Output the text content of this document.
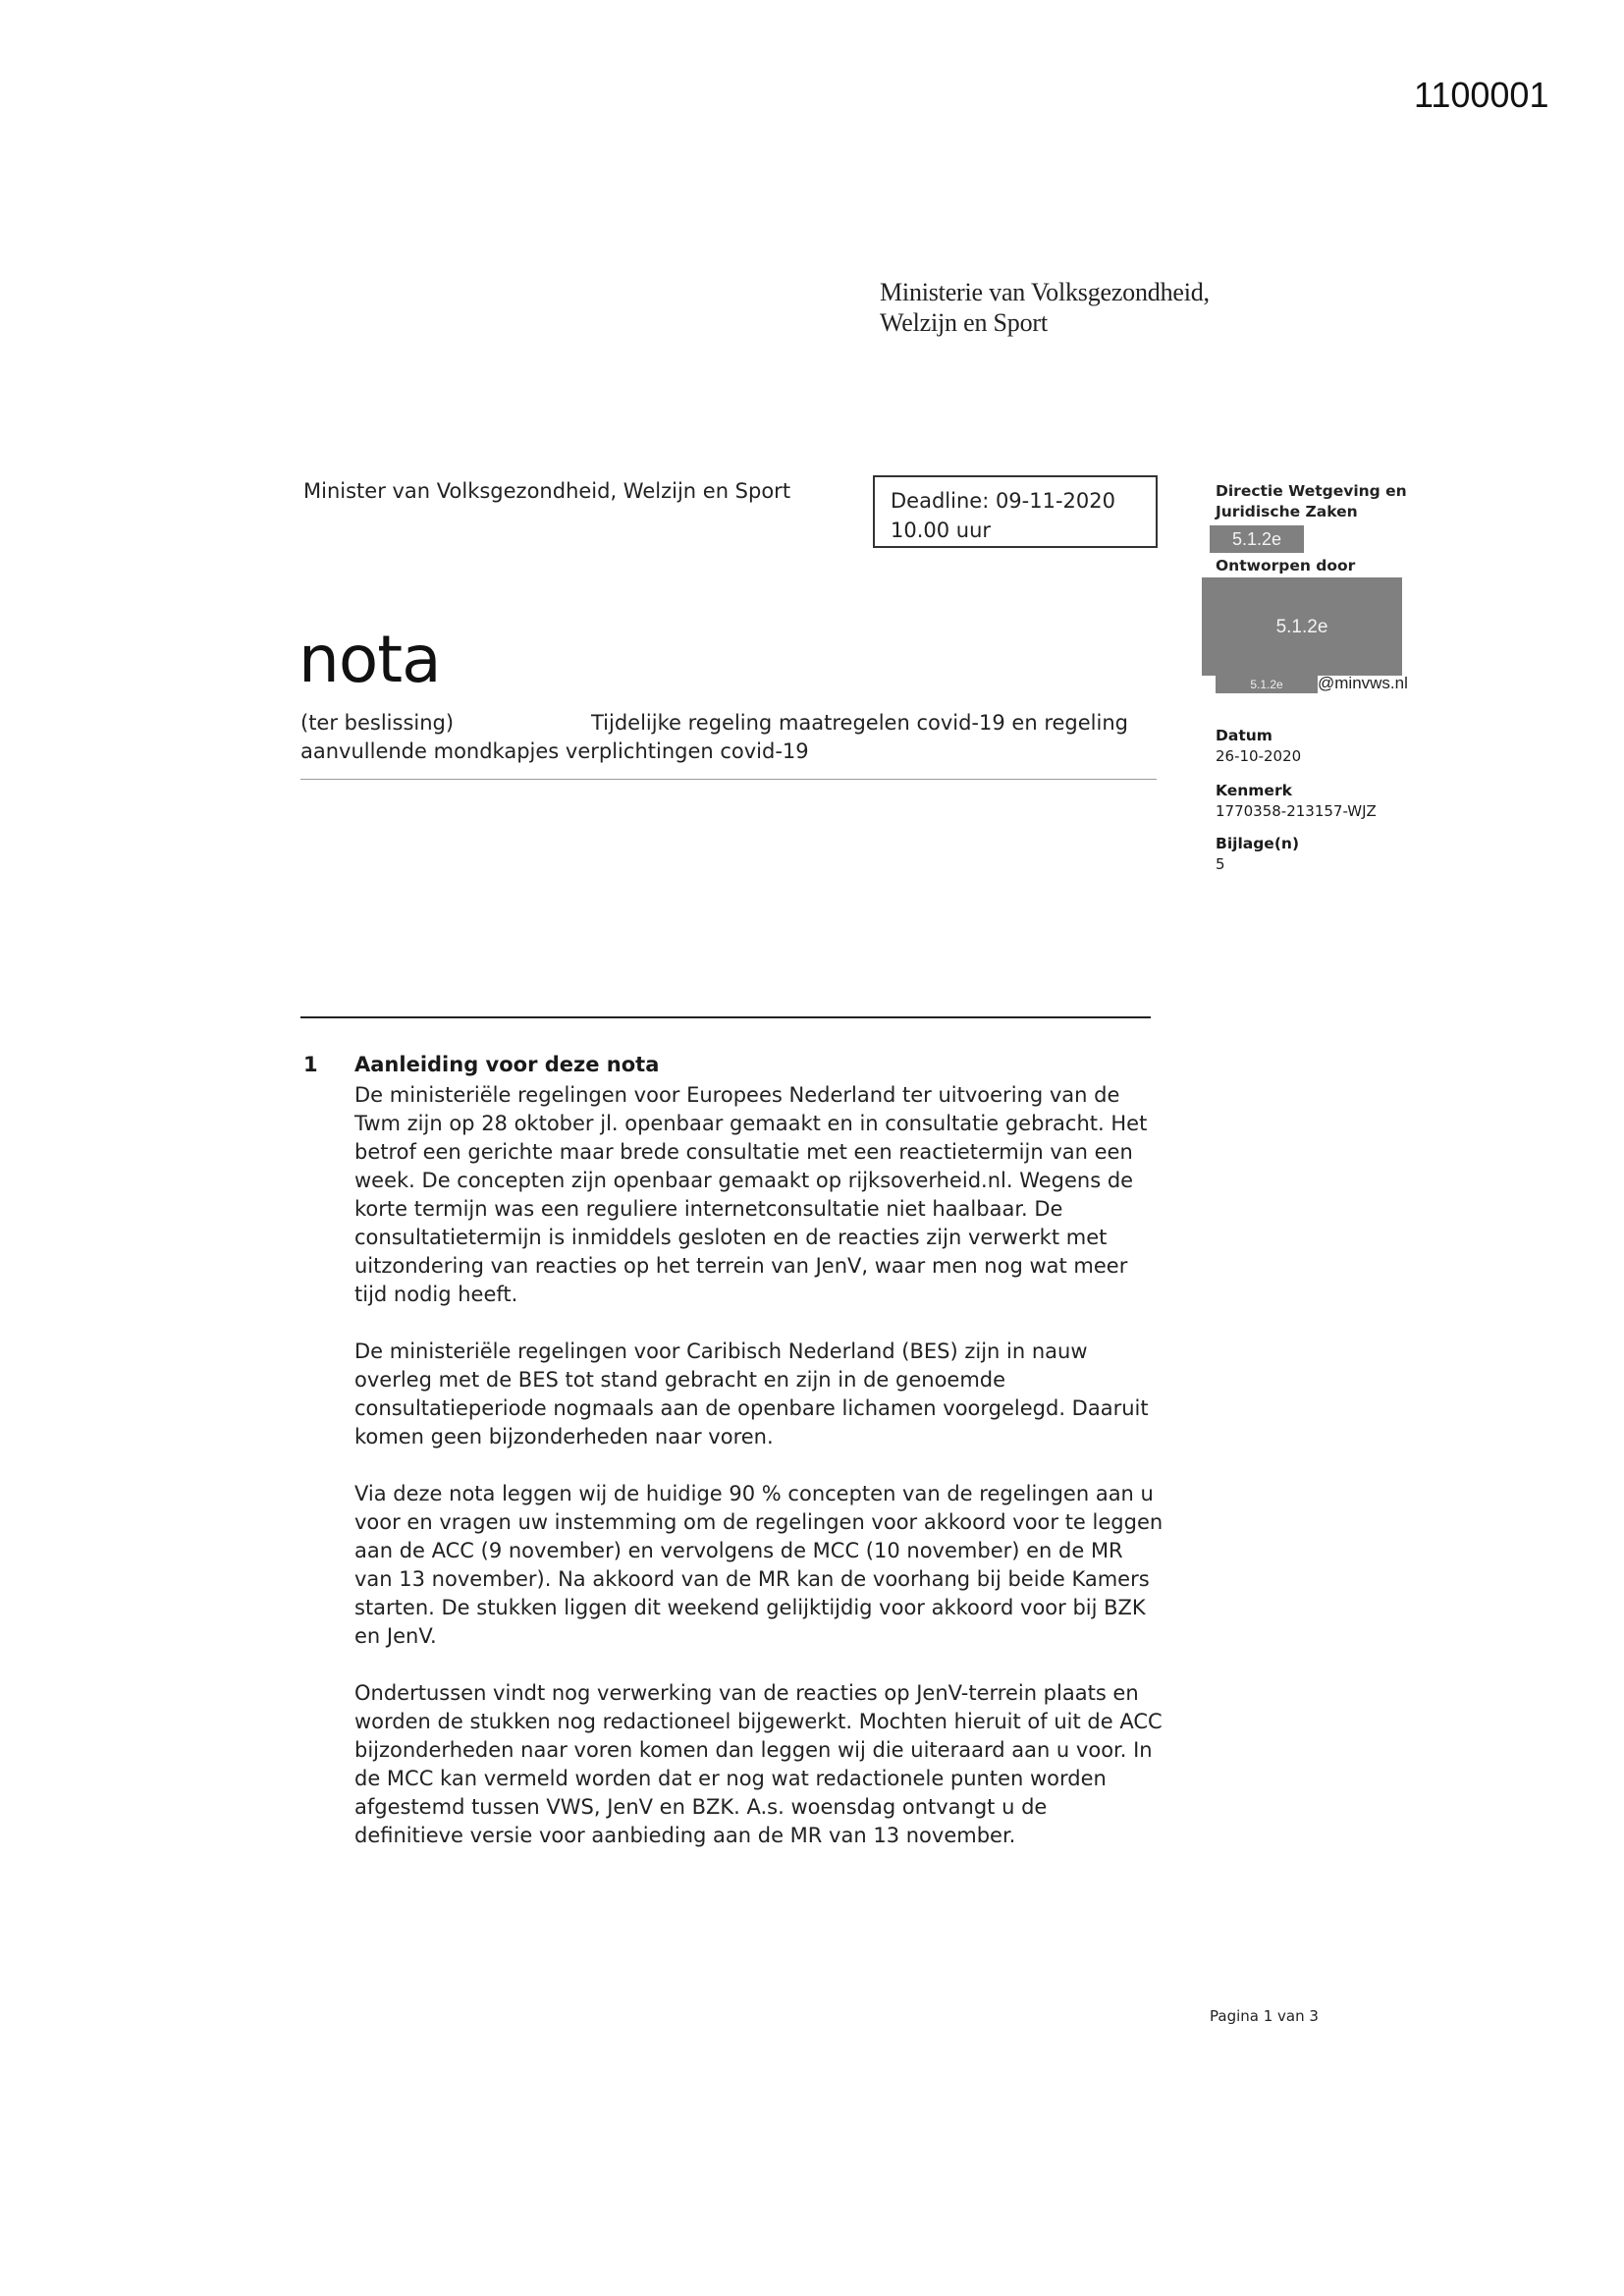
1100001
Ministerie van Volksgezondheid,
Welzijn en Sport
Minister van Volksgezondheid, Welzijn en Sport	Deadline: 09-11-2020
10.00 uur
Directie Wetgeving en
Juridische Zaken
5.1.2e
Ontworpen door
5.1.2e
5.1.2e	@minvws.nl
Datum
26-10-2020
Kenmerk
1770358-213157-WJZ
Bijlage(n)
5
nota
(ter beslissing)	Tijdelijke regeling maatregelen covid-19 en regeling
aanvullende mondkapjes verplichtingen covid-19
1 Aanleiding voor deze nota

De ministeriële regelingen voor Europees Nederland ter uitvoering van de
Twm zijn op 28 oktober jl. openbaar gemaakt en in consultatie gebracht. Het
betrof een gerichte maar brede consultatie met een reactietermijn van een
week. De concepten zijn openbaar gemaakt op rijksoverheid.nl. Wegens de
korte termijn was een reguliere internetconsultatie niet haalbaar. De
consultatietermijn is inmiddels gesloten en de reacties zijn verwerkt met
uitzondering van reacties op het terrein van JenV, waar men nog wat meer
tijd nodig heeft.

De ministeriële regelingen voor Caribisch Nederland (BES) zijn in nauw
overleg met de BES tot stand gebracht en zijn in de genoemde
consultatieperiode nogmaals aan de openbare lichamen voorgelegd. Daaruit
komen geen bijzonderheden naar voren.

Via deze nota leggen wij de huidige 90 % concepten van de regelingen aan u
voor en vragen uw instemming om de regelingen voor akkoord voor te leggen
aan de ACC (9 november) en vervolgens de MCC (10 november) en de MR
van 13 november). Na akkoord van de MR kan de voorhang bij beide Kamers
starten. De stukken liggen dit weekend gelijktijdig voor akkoord voor bij BZK
en JenV.

Ondertussen vindt nog verwerking van de reacties op JenV-terrein plaats en
worden de stukken nog redactioneel bijgewerkt. Mochten hieruit of uit de ACC
bijzonderheden naar voren komen dan leggen wij die uiteraard aan u voor. In
de MCC kan vermeld worden dat er nog wat redactionele punten worden
afgestemd tussen VWS, JenV en BZK. A.s. woensdag ontvangt u de
definitieve versie voor aanbieding aan de MR van 13 november.

Pagina 1 van 3
